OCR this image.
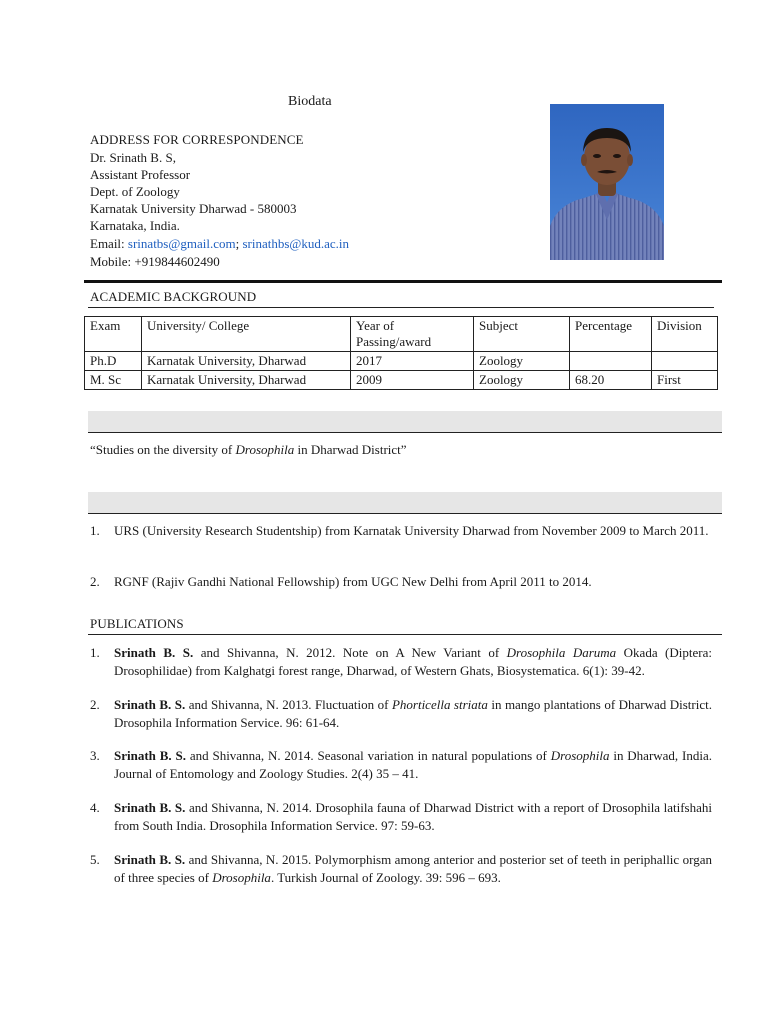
Biodata
ADDRESS FOR CORRESPONDENCE
Dr. Srinath B. S,
Assistant Professor
Dept. of Zoology
Karnatak University Dharwad - 580003
Karnataka, India.
Email: srinatbs@gmail.com; srinathbs@kud.ac.in
Mobile: +919844602490
ACADEMIC BACKGROUND
Exam	University/ College	Year of Passing/award	Subject	Percentage	Division
Ph.D	Karnatak University, Dharwad	2017	Zoology		
M. Sc	Karnatak University, Dharwad	2009	Zoology	68.20	First
“Studies on the diversity of Drosophila in Dharwad District”
1. URS (University Research Studentship) from Karnatak University Dharwad from November 2009 to March 2011.
2. RGNF (Rajiv Gandhi National Fellowship) from UGC New Delhi from April 2011 to 2014.
PUBLICATIONS
1. Srinath B. S. and Shivanna, N. 2012. Note on A New Variant of Drosophila Daruma Okada (Diptera: Drosophilidae) from Kalghatgi forest range, Dharwad, of Western Ghats, Biosystematica. 6(1): 39-42.
2. Srinath B. S. and Shivanna, N. 2013. Fluctuation of Phorticella striata in mango plantations of Dharwad District. Drosophila Information Service. 96: 61-64.
3. Srinath B. S. and Shivanna, N. 2014. Seasonal variation in natural populations of Drosophila in Dharwad, India. Journal of Entomology and Zoology Studies. 2(4) 35 – 41.
4. Srinath B. S. and Shivanna, N. 2014. Drosophila fauna of Dharwad District with a report of Drosophila latifshahi from South India. Drosophila Information Service. 97: 59-63.
5. Srinath B. S. and Shivanna, N. 2015. Polymorphism among anterior and posterior set of teeth in periphallic organ of three species of Drosophila. Turkish Journal of Zoology. 39: 596 – 693.
